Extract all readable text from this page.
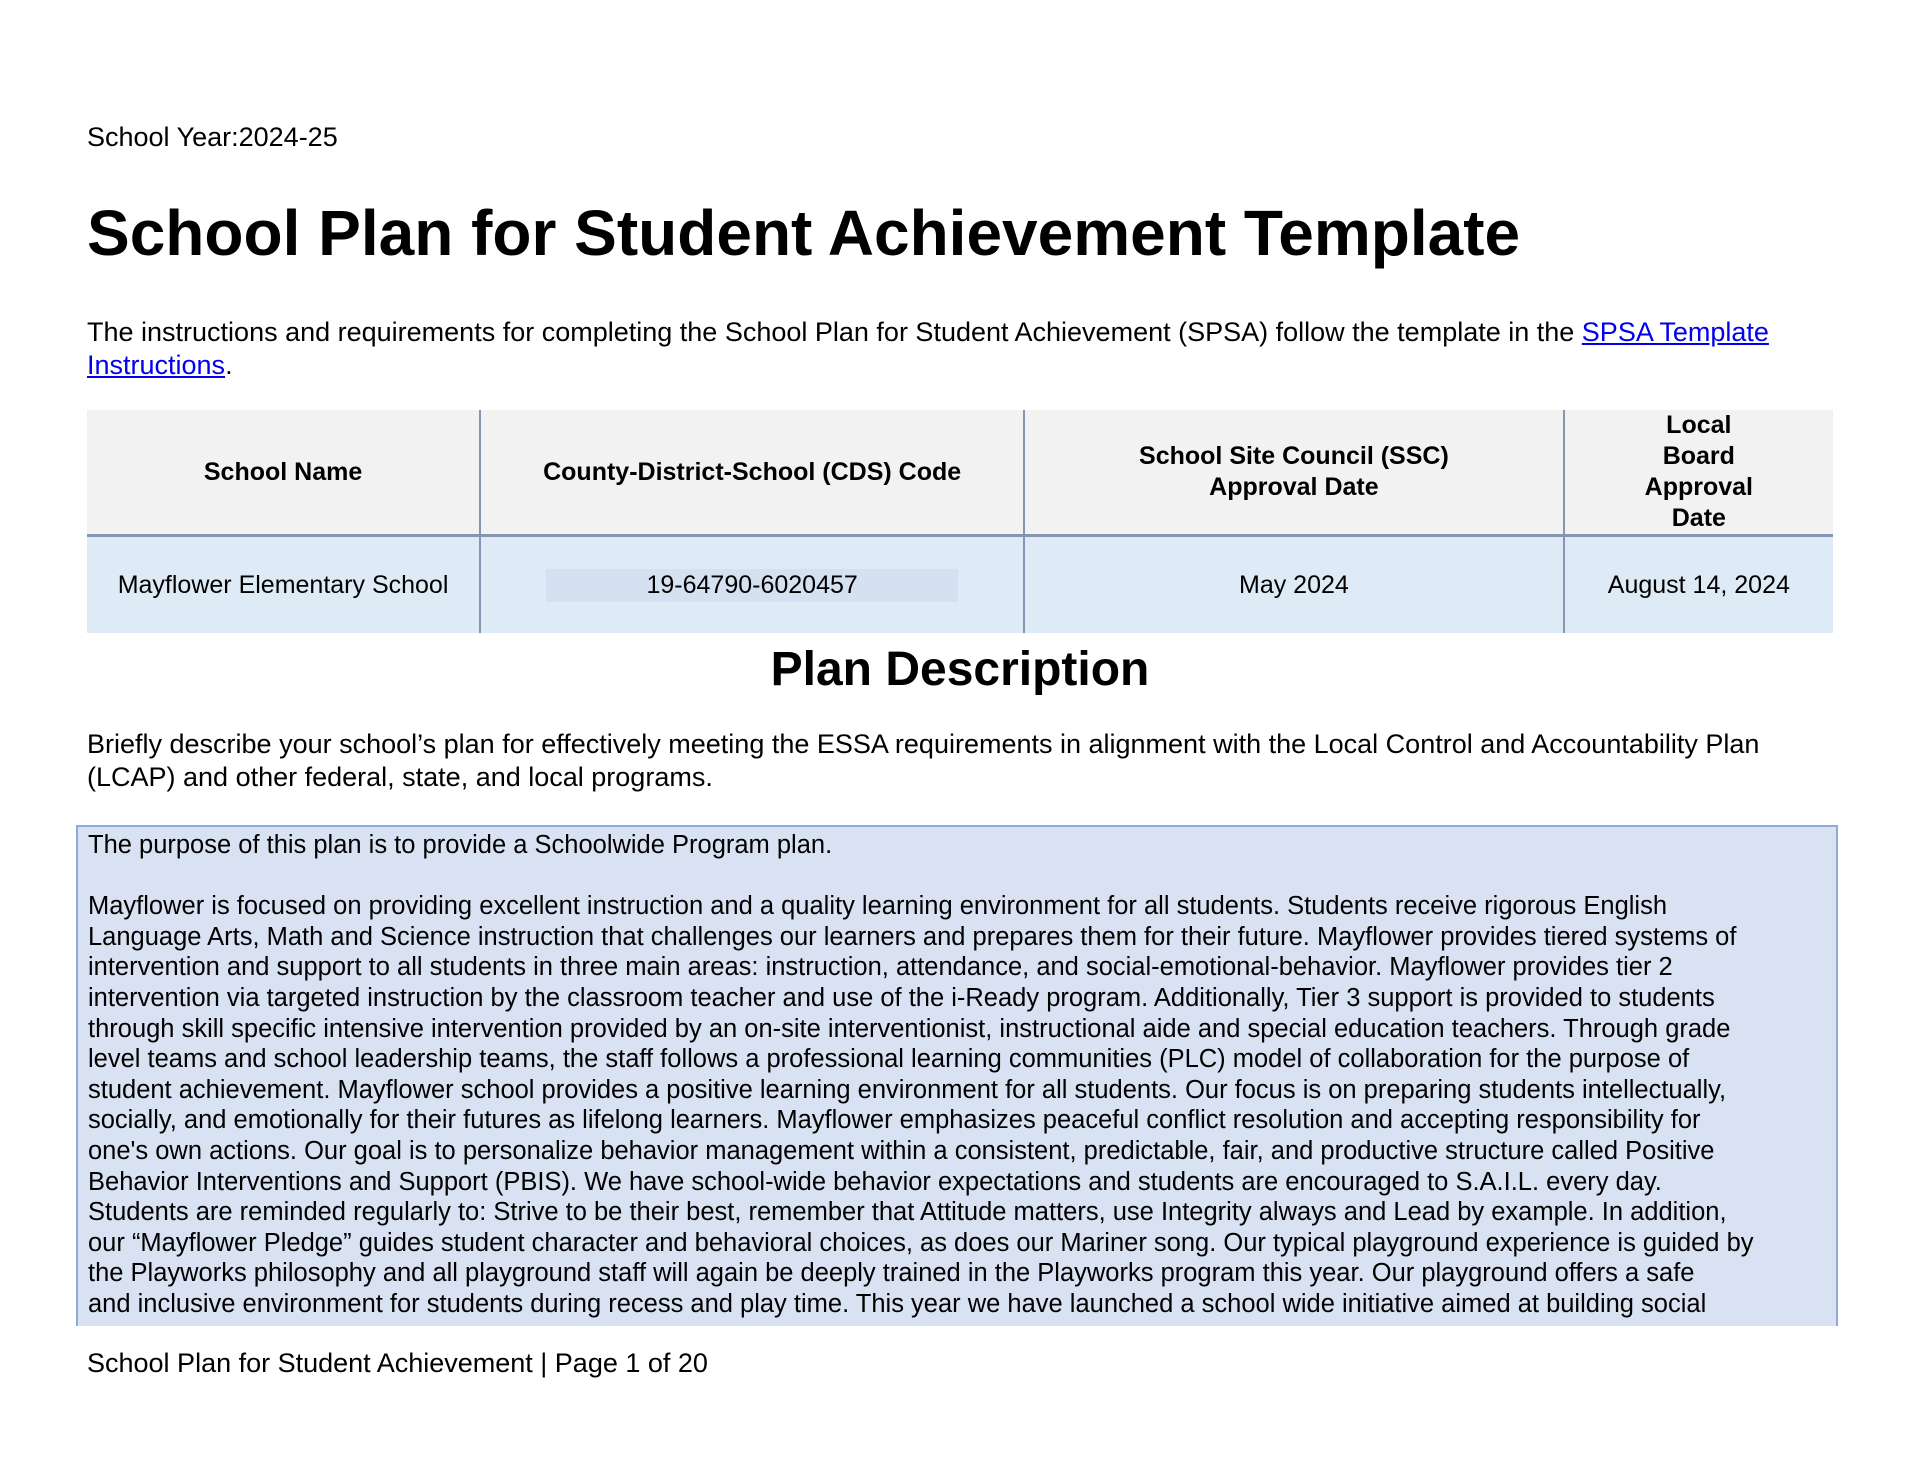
School Year:2024-25
School Plan for Student Achievement Template
The instructions and requirements for completing the School Plan for Student Achievement (SPSA) follow the template in the SPSA Template Instructions.
School Name	County-District-School (CDS) Code	School Site Council (SSC) Approval Date	Local Board Approval Date
Mayflower Elementary School	19-64790-6020457	May 2024	August 14, 2024
Plan Description
Briefly describe your school’s plan for effectively meeting the ESSA requirements in alignment with the Local Control and Accountability Plan (LCAP) and other federal, state, and local programs.
The purpose of this plan is to provide a Schoolwide Program plan.

Mayflower is focused on providing excellent instruction and a quality learning environment for all students. Students receive rigorous English
Language Arts, Math and Science instruction that challenges our learners and prepares them for their future. Mayflower provides tiered systems of
intervention and support to all students in three main areas: instruction, attendance, and social-emotional-behavior. Mayflower provides tier 2
intervention via targeted instruction by the classroom teacher and use of the i-Ready program. Additionally, Tier 3 support is provided to students
through skill specific intensive intervention provided by an on-site interventionist, instructional aide and special education teachers. Through grade
level teams and school leadership teams, the staff follows a professional learning communities (PLC) model of collaboration for the purpose of
student achievement. Mayflower school provides a positive learning environment for all students. Our focus is on preparing students intellectually,
socially, and emotionally for their futures as lifelong learners. Mayflower emphasizes peaceful conflict resolution and accepting responsibility for
one's own actions. Our goal is to personalize behavior management within a consistent, predictable, fair, and productive structure called Positive
Behavior Interventions and Support (PBIS). We have school-wide behavior expectations and students are encouraged to S.A.I.L. every day.
Students are reminded regularly to: Strive to be their best, remember that Attitude matters, use Integrity always and Lead by example. In addition,
our “Mayflower Pledge” guides student character and behavioral choices, as does our Mariner song. Our typical playground experience is guided by
the Playworks philosophy and all playground staff will again be deeply trained in the Playworks program this year. Our playground offers a safe
and inclusive environment for students during recess and play time. This year we have launched a school wide initiative aimed at building social
School Plan for Student Achievement | Page 1 of 20
